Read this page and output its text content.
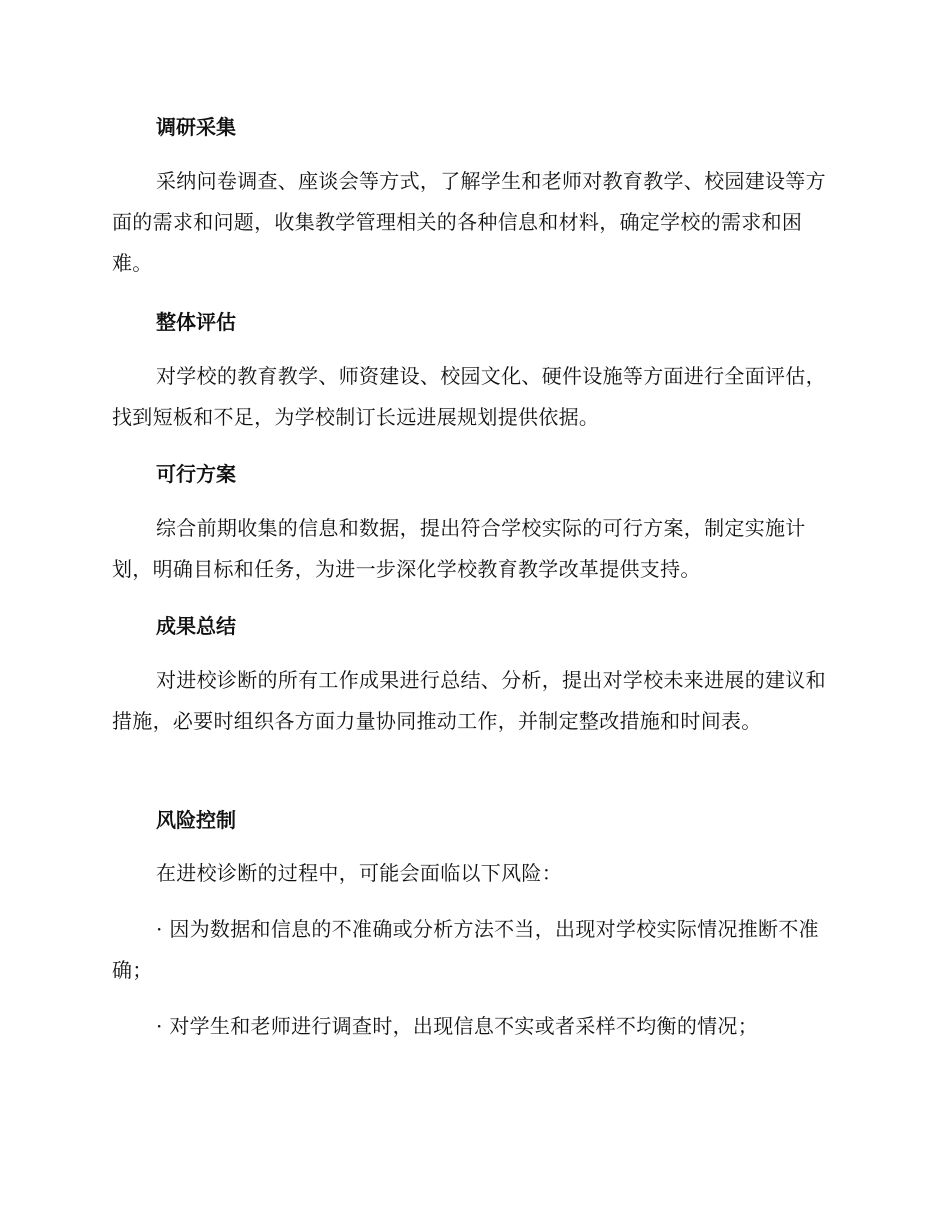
调研采集
采纳问卷调查、座谈会等方式，了解学生和老师对教育教学、校园建设等方面的需求和问题，收集教学管理相关的各种信息和材料，确定学校的需求和困难。
整体评估
对学校的教育教学、师资建设、校园文化、硬件设施等方面进行全面评估，找到短板和不足，为学校制订长远进展规划提供依据。
可行方案
综合前期收集的信息和数据，提出符合学校实际的可行方案，制定实施计划，明确目标和任务，为进一步深化学校教育教学改革提供支持。
成果总结
对进校诊断的所有工作成果进行总结、分析，提出对学校未来进展的建议和措施，必要时组织各方面力量协同推动工作，并制定整改措施和时间表。
风险控制
在进校诊断的过程中，可能会面临以下风险：
· 因为数据和信息的不准确或分析方法不当，出现对学校实际情况推断不准确；
· 对学生和老师进行调查时，出现信息不实或者采样不均衡的情况；
